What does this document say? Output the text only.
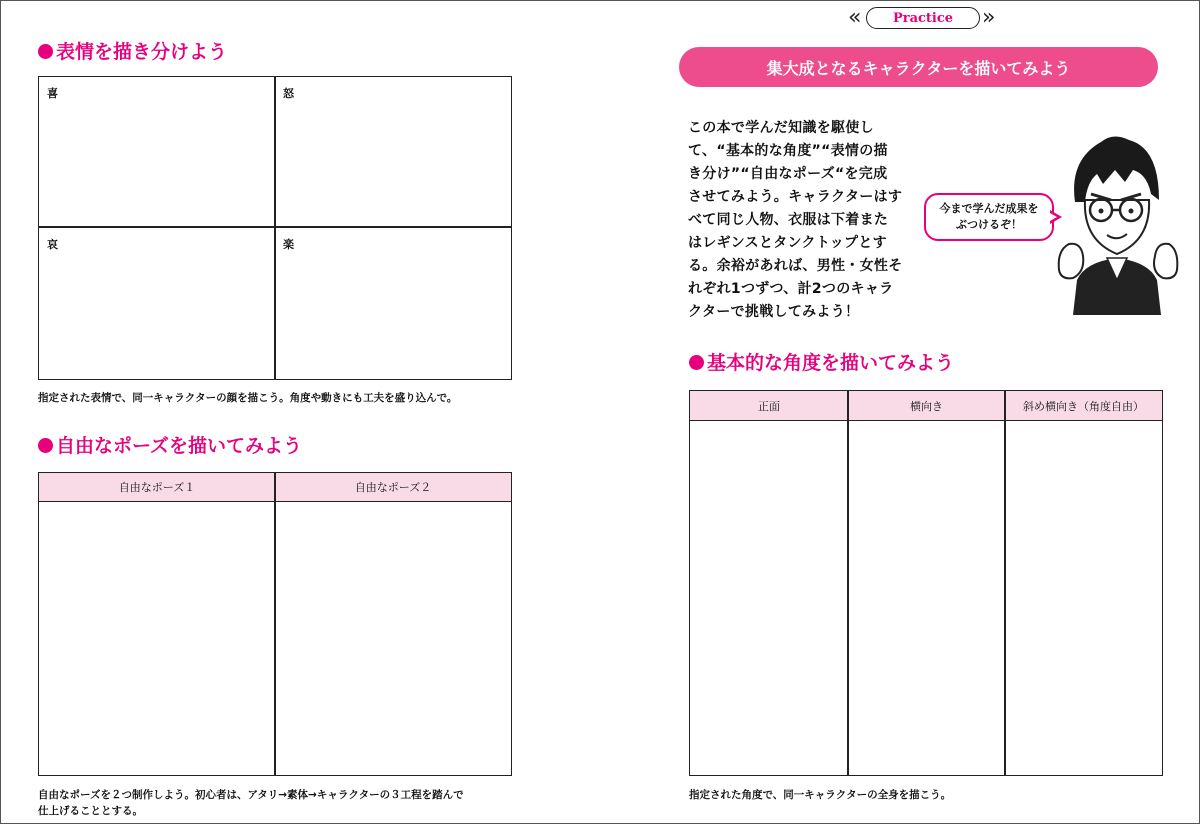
表情を描き分けよう
喜	怒
哀	楽
指定された表情で、同一キャラクターの顔を描こう。角度や動きにも工夫を盛り込んで。
自由なポーズを描いてみよう
自由なポーズ１	自由なポーズ２
自由なポーズを２つ制作しよう。初心者は、アタリ→素体→キャラクターの３工程を踏んで
仕上げることとする。
«	Practice	»
集大成となるキャラクターを描いてみよう
この本で学んだ知識を駆使し
て、“基本的な角度”“表情の描
き分け”“自由なポーズ“を完成
させてみよう。キャラクターはす
べて同じ人物、衣服は下着また
はレギンスとタンクトップとす
る。余裕があれば、男性・女性そ
れぞれ1つずつ、計2つのキャラ
クターで挑戦してみよう！
今まで学んだ成果を
ぶつけるぞ！
基本的な角度を描いてみよう
正面	横向き	斜め横向き（角度自由）
指定された角度で、同一キャラクターの全身を描こう。
